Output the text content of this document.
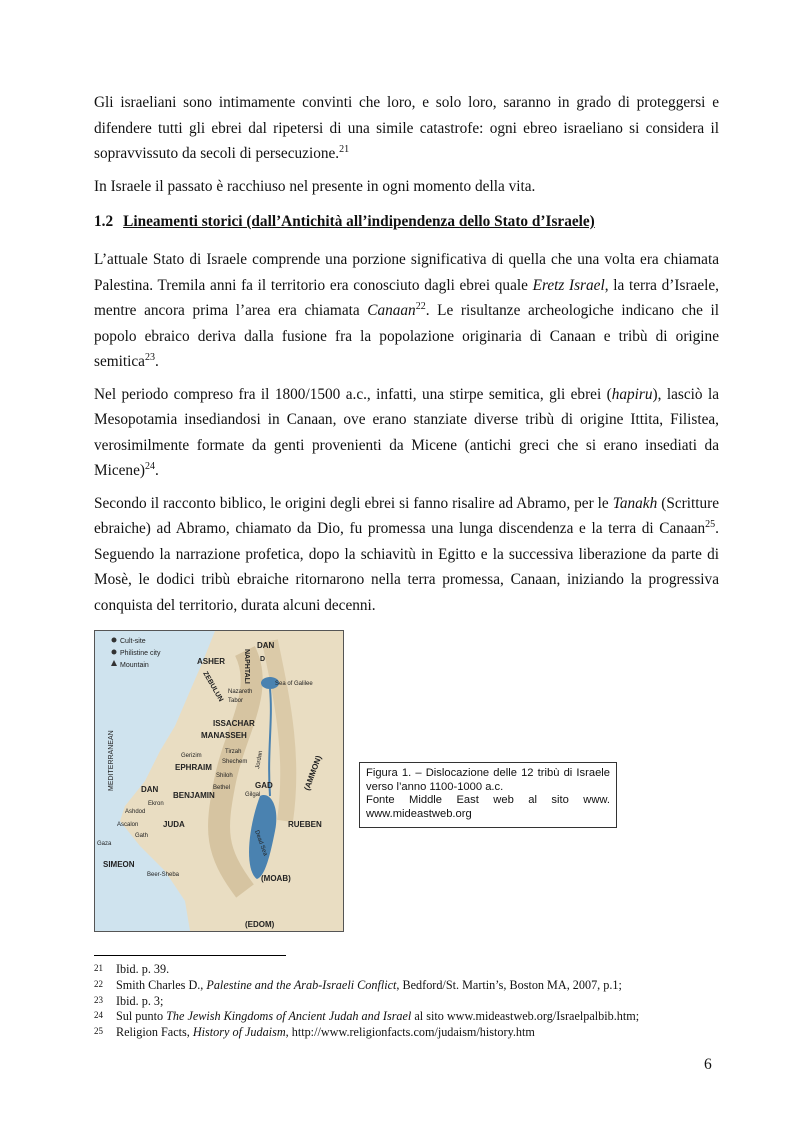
Gli israeliani sono intimamente convinti che loro, e solo loro, saranno in grado di proteggersi e difendere tutti gli ebrei dal ripetersi di una simile catastrofe: ogni ebreo israeliano si considera il sopravvissuto da secoli di persecuzione.$^{21}$

In Israele il passato è racchiuso nel presente in ogni momento della vita.

1.2 Lineamenti storici (dall’Antichità all’indipendenza dello Stato d’Israele)

L’attuale Stato di Israele comprende una porzione significativa di quella che una volta era chiamata Palestina. Tremila anni fa il territorio era conosciuto dagli ebrei quale Eretz Israel, la terra d’Israele, mentre ancora prima l’area era chiamata Canaan$^{22}$. Le risultanze archeologiche indicano che il popolo ebraico deriva dalla fusione fra la popolazione originaria di Canaan e tribù di origine semitica$^{23}$.

Nel periodo compreso fra il 1800/1500 a.c., infatti, una stirpe semitica, gli ebrei (hapiru), lasciò la Mesopotamia insediandosi in Canaan, ove erano stanziate diverse tribù di origine Ittita, Filistea, verosimilmente formate da genti provenienti da Micene (antichi greci che si erano insediati da Micene)$^{24}$.

Secondo il racconto biblico, le origini degli ebrei si fanno risalire ad Abramo, per le Tanakh (Scritture ebraiche) ad Abramo, chiamato da Dio, fu promessa una lunga discendenza e la terra di Canaan$^{25}$. Seguendo la narrazione profetica, dopo la schiavitù in Egitto e la successiva liberazione da parte di Mosè, le dodici tribù ebraiche ritornarono nella terra promessa, Canaan, iniziando la progressiva conquista del territorio, durata alcuni decenni.

Cult-site
Philistine city
Mountain
MEDITERRANEAN
DAN
ASHER	NAPHTALI
ZEBULUN
ISSACHAR
MANASSEH
EPHRAIM
DAN
BENJAMIN
GAD
JUDA	RUEBEN
SIMEON
(AMMON)
(MOAB)
(EDOM)
Sea of Galilee
Nazareth
Tabor
Tirzah
Gerizim
Shechem
Shiloh
Bethel
Gilgal
Jordan
Ekron
Ashdod
Ascalon
Gath
Gaza
Beer-Sheba
Dead Sea
D
Figura 1. – Dislocazione delle 12 tribù di Israele verso l’anno 1100-1000 a.c.
Fonte Middle East web al sito www. www.mideastweb.org
21	Ibid. p. 39.
22	Smith Charles D., Palestine and the Arab-Israeli Conflict, Bedford/St. Martin’s, Boston MA, 2007, p.1;
23	Ibid. p. 3;
24	Sul punto The Jewish Kingdoms of Ancient Judah and Israel al sito www.mideastweb.org/Israelpalbib.htm;
25	Religion Facts, History of Judaism, http://www.religionfacts.com/judaism/history.htm
6
